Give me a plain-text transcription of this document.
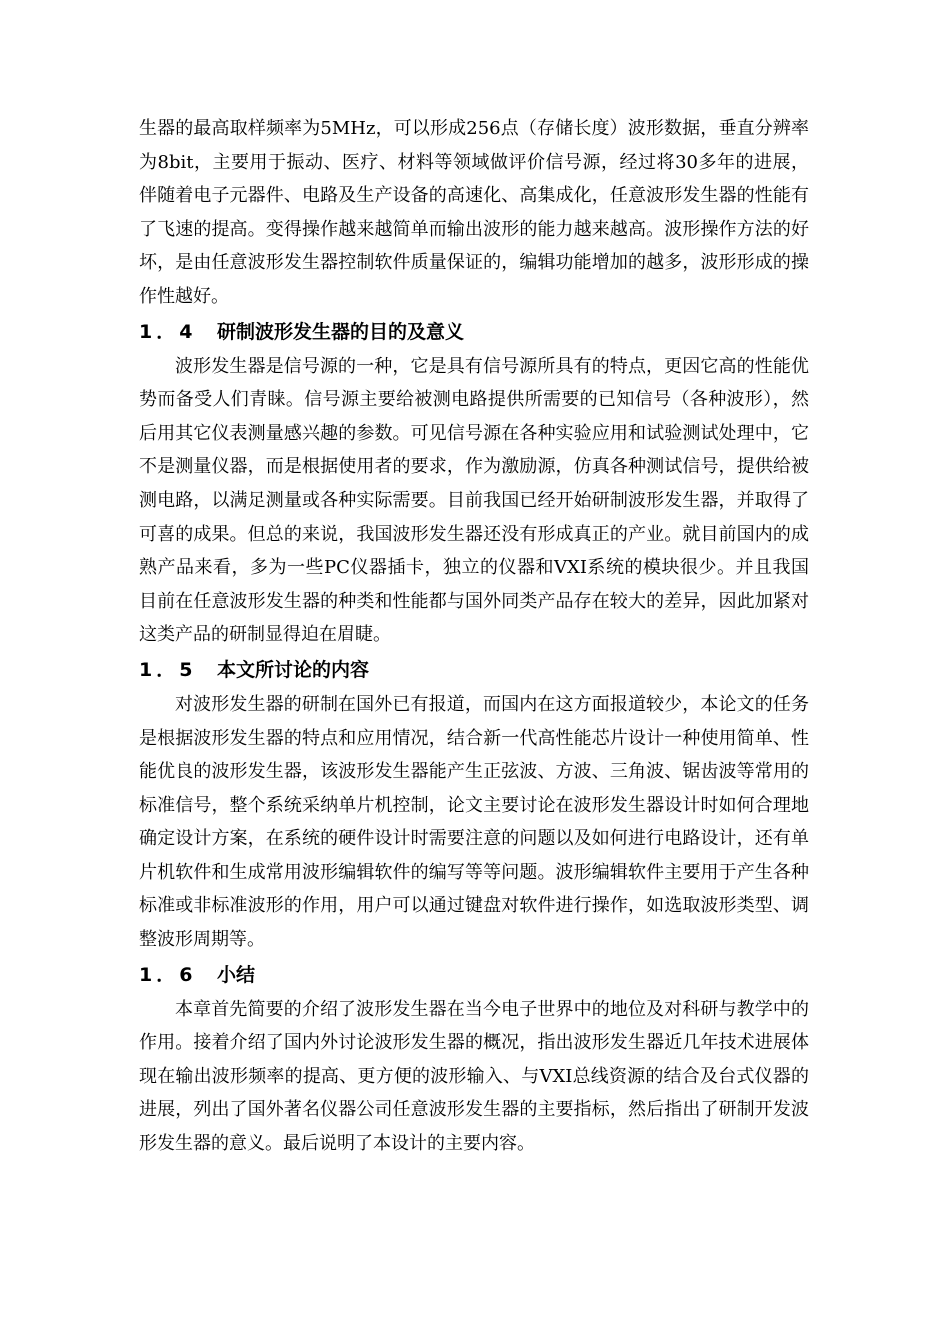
生器的最高取样频率为5MHz，可以形成256点（存储长度）波形数据，垂直分辨率为8bit，主要用于振动、医疗、材料等领域做评价信号源，经过将30多年的进展，伴随着电子元器件、电路及生产设备的高速化、高集成化，任意波形发生器的性能有了飞速的提高。变得操作越来越简单而输出波形的能力越来越高。波形操作方法的好坏，是由任意波形发生器控制软件质量保证的，编辑功能增加的越多，波形形成的操作性越好。

1．4	研制波形发生器的目的及意义

波形发生器是信号源的一种，它是具有信号源所具有的特点，更因它高的性能优势而备受人们青睐。信号源主要给被测电路提供所需要的已知信号（各种波形），然后用其它仪表测量感兴趣的参数。可见信号源在各种实验应用和试验测试处理中，它不是测量仪器，而是根据使用者的要求，作为激励源，仿真各种测试信号，提供给被测电路，以满足测量或各种实际需要。目前我国已经开始研制波形发生器，并取得了可喜的成果。但总的来说，我国波形发生器还没有形成真正的产业。就目前国内的成熟产品来看，多为一些PC仪器插卡，独立的仪器和VXI系统的模块很少。并且我国目前在任意波形发生器的种类和性能都与国外同类产品存在较大的差异，因此加紧对这类产品的研制显得迫在眉睫。

1．5	本文所讨论的内容

对波形发生器的研制在国外已有报道，而国内在这方面报道较少，本论文的任务是根据波形发生器的特点和应用情况，结合新一代高性能芯片设计一种使用简单、性能优良的波形发生器，该波形发生器能产生正弦波、方波、三角波、锯齿波等常用的标准信号，整个系统采纳单片机控制，论文主要讨论在波形发生器设计时如何合理地确定设计方案，在系统的硬件设计时需要注意的问题以及如何进行电路设计，还有单片机软件和生成常用波形编辑软件的编写等等问题。波形编辑软件主要用于产生各种标准或非标准波形的作用，用户可以通过键盘对软件进行操作，如选取波形类型、调整波形周期等。

1．6	小结

本章首先简要的介绍了波形发生器在当今电子世界中的地位及对科研与教学中的作用。接着介绍了国内外讨论波形发生器的概况，指出波形发生器近几年技术进展体现在输出波形频率的提高、更方便的波形输入、与VXI总线资源的结合及台式仪器的进展，列出了国外著名仪器公司任意波形发生器的主要指标，然后指出了研制开发波形发生器的意义。最后说明了本设计的主要内容。
